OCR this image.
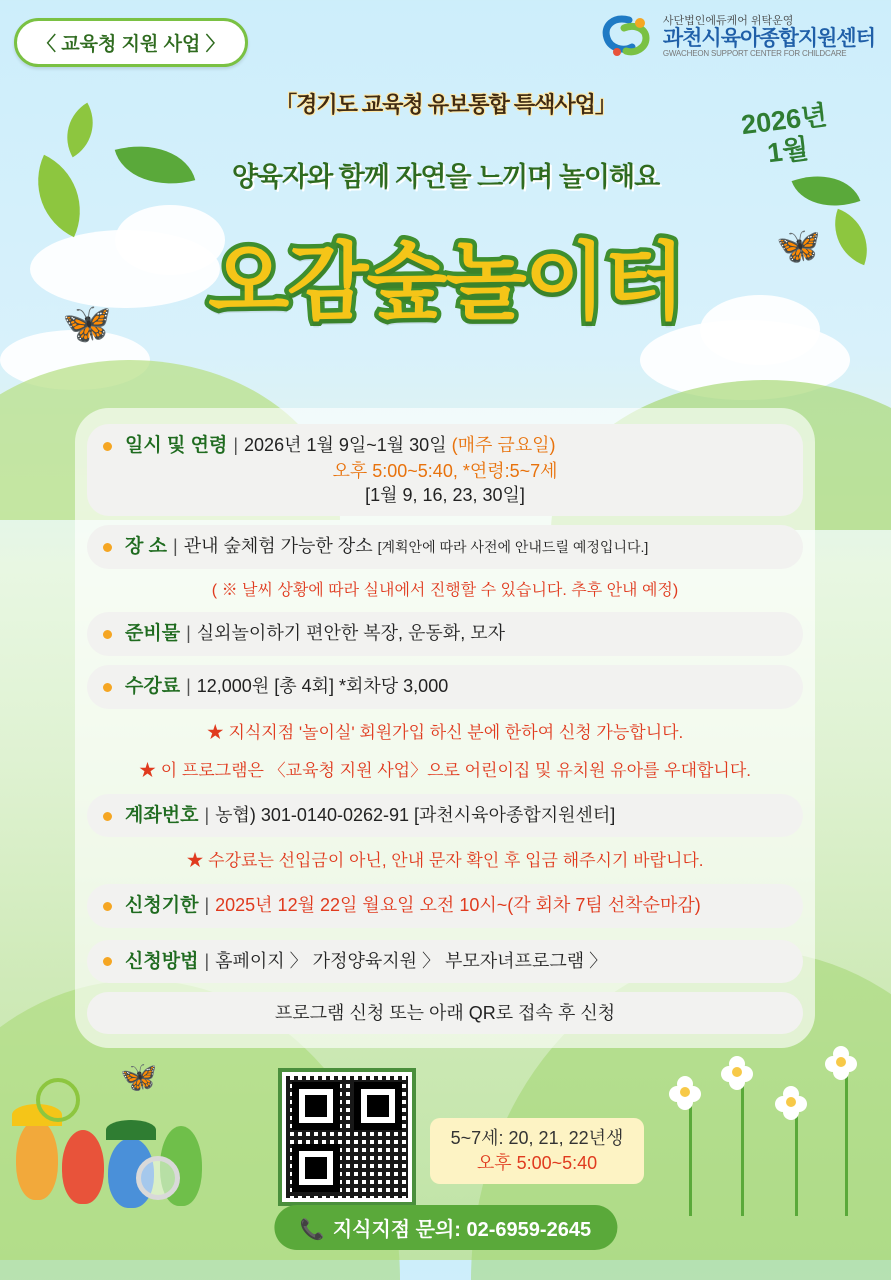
🦋
🦋
〈 교육청 지원 사업 〉
사단법인에듀케어 위탁운영
과천시육아종합지원센터
GWACHEON SUPPORT CENTER FOR CHILDCARE
「경기도 교육청 유보통합 특색사업」	2026년
1월
양육자와 함께 자연을 느끼며 놀이해요
오감숲놀이터
일시 및 연령 | 2026년 1월 9일~1월 30일 (매주 금요일)
오후 5:00~5:40, *연령:5~7세
[1월 9, 16, 23, 30일]
장 소 | 관내 숲체험 가능한 장소 [계획안에 따라 사전에 안내드릴 예정입니다.]
( ※ 날씨 상황에 따라 실내에서 진행할 수 있습니다. 추후 안내 예정)
준비물 | 실외놀이하기 편안한 복장, 운동화, 모자
수강료 | 12,000원 [총 4회] *회차당 3,000
★ 지식지점 '놀이실' 회원가입 하신 분에 한하여 신청 가능합니다.
★ 이 프로그램은 〈교육청 지원 사업〉으로 어린이집 및 유치원 유아를 우대합니다.
계좌번호 | 농협) 301-0140-0262-91 [과천시육아종합지원센터]
★ 수강료는 선입금이 아닌, 안내 문자 확인 후 입금 해주시기 바랍니다.
신청기한 | 2025년 12월 22일 월요일 오전 10시~(각 회차 7팀 선착순마감)
신청방법 | 홈페이지 〉 가정양육지원 〉 부모자녀프로그램 〉
프로그램 신청 또는 아래 QR로 접속 후 신청
5~7세: 20, 21, 22년생
오후 5:00~5:40
🦋
📞 지식지점 문의: 02-6959-2645
